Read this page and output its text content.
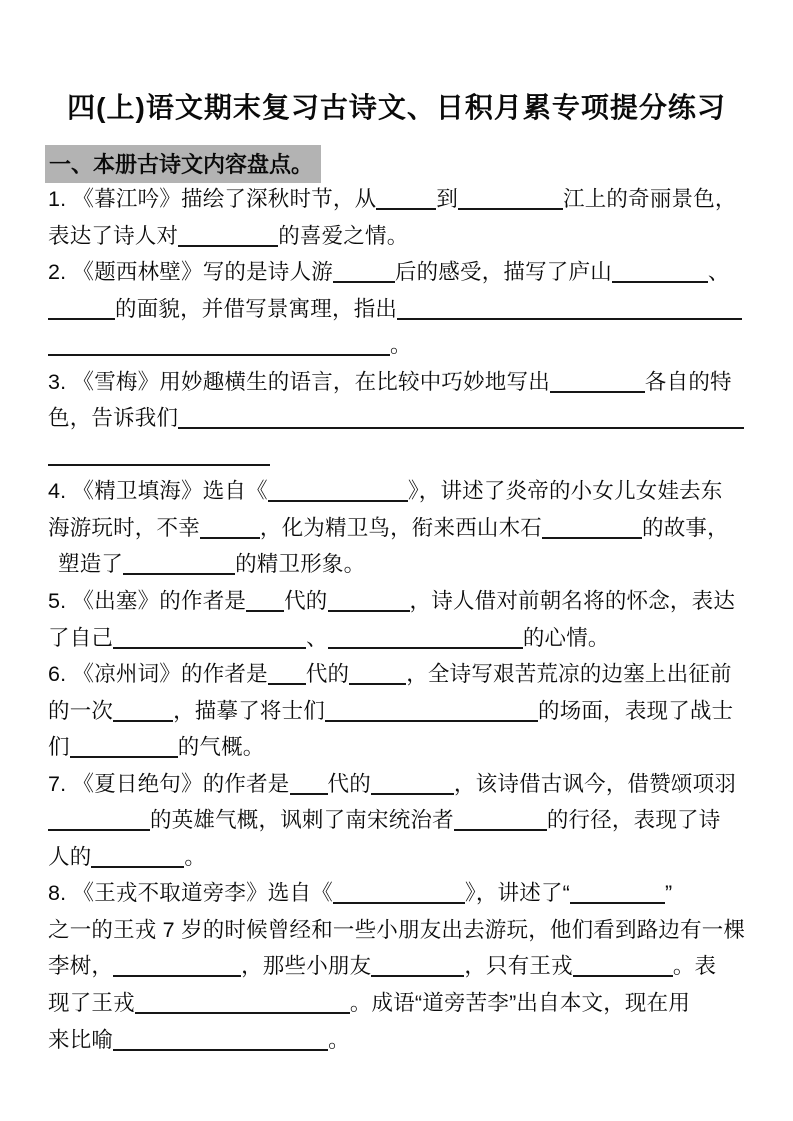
四(上)语文期末复习古诗文、日积月累专项提分练习
一、本册古诗文内容盘点。
1. 《暮江吟》描绘了深秋时节，从	到	江上的奇丽景色，
表达了诗人对	的喜爱之情。
2. 《题西林壁》写的是诗人游	后的感受，描写了庐山	、
的面貌，并借写景寓理，指出
。
3. 《雪梅》用妙趣横生的语言，在比较中巧妙地写出	各自的特
色，告诉我们
4. 《精卫填海》选自《	》，讲述了炎帝的小女儿女娃去东
海游玩时，不幸	，化为精卫鸟，衔来西山木石	的故事，
塑造了	的精卫形象。
5. 《出塞》的作者是 代的	，诗人借对前朝名将的怀念，表达
了自己	、	的心情。
6. 《凉州词》的作者是 代的	，全诗写艰苦荒凉的边塞上出征前
的一次	，描摹了将士们	的场面，表现了战士
们	的气概。
7. 《夏日绝句》的作者是 代的	，该诗借古讽今，借赞颂项羽
的英雄气概，讽刺了南宋统治者	的行径，表现了诗
人的	。
8. 《王戎不取道旁李》选自《	》，讲述了“	”
之一的王戎 7 岁的时候曾经和一些小朋友出去游玩，他们看到路边有一棵
李树，	，那些小朋友	，只有王戎	。表
现了王戎	。成语“道旁苦李”出自本文，现在用
来比喻	。
